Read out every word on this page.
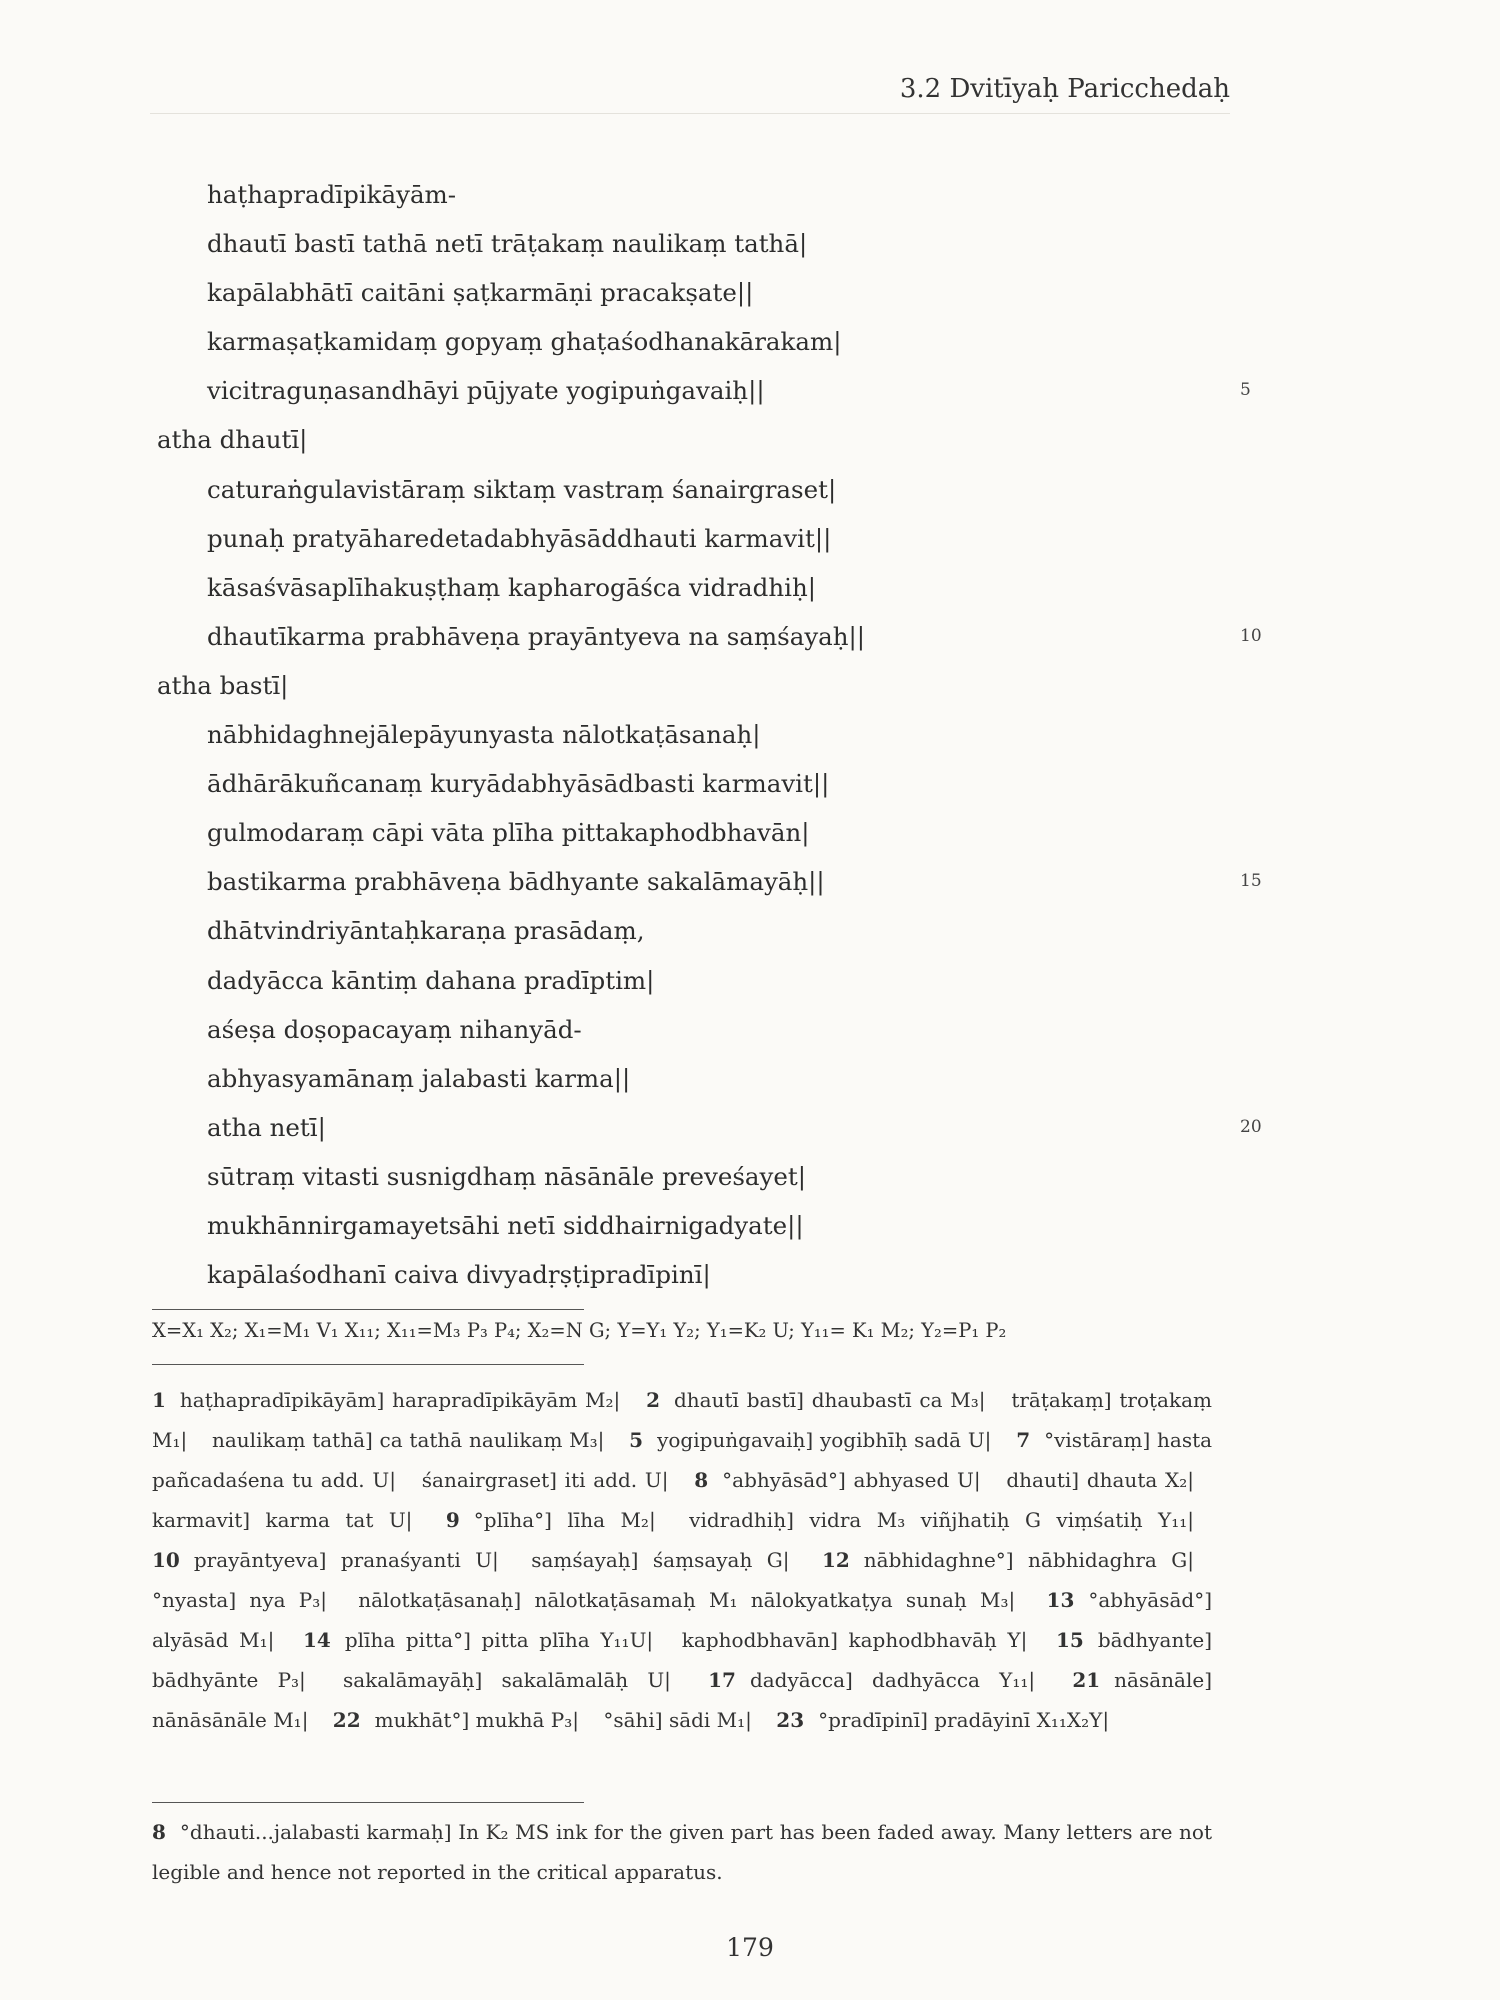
3.2 Dvitīyaḥ Paricchedaḥ
haṭhapradīpikāyām-
dhautī bastī tathā netī trāṭakaṃ naulikaṃ tathā|
kapālabhātī caitāni ṣaṭkarmāṇi pracakṣate||
karmaṣaṭkamidaṃ gopyaṃ ghaṭaśodhanakārakam|
vicitraguṇasandhāyi pūjyate yogipuṅgavaiḥ||	5
atha dhautī|
caturaṅgulavistāraṃ siktaṃ vastraṃ śanairgraset|
punaḥ pratyāharedetadabhyāsāddhauti karmavit||
kāsaśvāsaplīhakuṣṭhaṃ kapharogāśca vidradhiḥ|
dhautīkarma prabhāveṇa prayāntyeva na saṃśayaḥ||	10
atha bastī|
nābhidaghnejālepāyunyasta nālotkaṭāsanaḥ|
ādhārākuñcanaṃ kuryādabhyāsādbasti karmavit||
gulmodaraṃ cāpi vāta plīha pittakaphodbhavān|
bastikarma prabhāveṇa bādhyante sakalāmayāḥ||	15
dhātvindriyāntaḥkaraṇa prasādaṃ,
dadyācca kāntiṃ dahana pradīptim|
aśeṣa doṣopacayaṃ nihanyād-
abhyasyamānaṃ jalabasti karma||
atha netī|	20
sūtraṃ vitasti susnigdhaṃ nāsānāle preveśayet|
mukhānnirgamayetsāhi netī siddhairnigadyate||
kapālaśodhanī caiva divyadṛṣṭipradīpinī|
X=X₁ X₂; X₁=M₁ V₁ X₁₁; X₁₁=M₃ P₃ P₄; X₂=N G; Y=Y₁ Y₂; Y₁=K₂ U; Y₁₁= K₁ M₂; Y₂=P₁ P₂
1 haṭhapradīpikāyām] harapradīpikāyām M₂| 2 dhautī bastī] dhaubastī ca M₃| trāṭakaṃ] troṭakaṃ M₁| naulikaṃ tathā] ca tathā naulikaṃ M₃| 5 yogipuṅgavaiḥ] yogibhīḥ sadā U| 7 °vistāraṃ] hasta pañcadaśena tu add. U| śanairgraset] iti add. U| 8 °abhyāsād°] abhyased U| dhauti] dhauta X₂| karmavit] karma tat U| 9 °plīha°] līha M₂| vidradhiḥ] vidra M₃ viñjhatiḥ G viṃśatiḥ Y₁₁| 10 prayāntyeva] pranaśyanti U| saṃśayaḥ] śaṃsayaḥ G| 12 nābhidaghne°] nābhidaghra G| °nyasta] nya P₃| nālotkaṭāsanaḥ] nālotkaṭāsamaḥ M₁ nālokyatkaṭya sunaḥ M₃| 13 °abhyāsād°] alyāsād M₁| 14 plīha pitta°] pitta plīha Y₁₁U| kaphodbhavān] kaphodbhavāḥ Y| 15 bādhyante] bādhyānte P₃| sakalāmayāḥ] sakalāmalāḥ U| 17 dadyācca] dadhyācca Y₁₁| 21 nāsānāle] nānāsānāle M₁| 22 mukhāt°] mukhā P₃| °sāhi] sādi M₁| 23 °pradīpinī] pradāyinī X₁₁X₂Y|
8 °dhauti...jalabasti karmaḥ] In K₂ MS ink for the given part has been faded away. Many letters are not legible and hence not reported in the critical apparatus.
179
